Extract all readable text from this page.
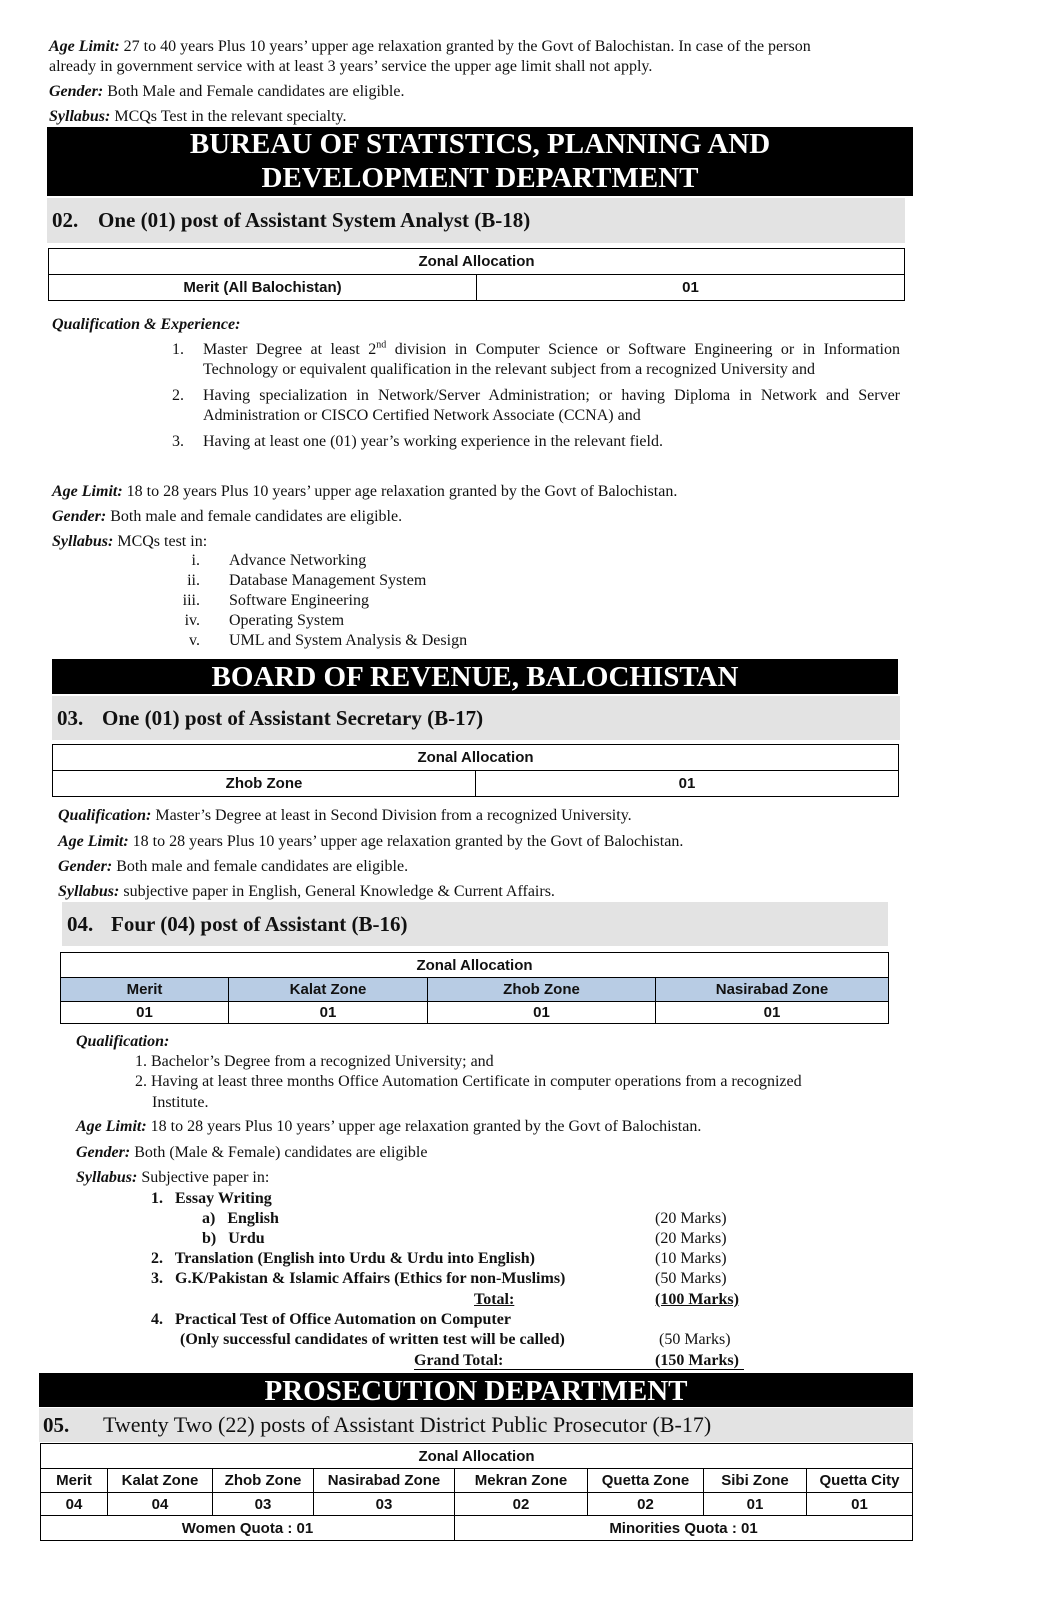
Age Limit: 27 to 40 years Plus 10 years’ upper age relaxation granted by the Govt of Balochistan. In case of the person
already in government service with at least 3 years’ service the upper age limit shall not apply.
Gender: Both Male and Female candidates are eligible.
Syllabus: MCQs Test in the relevant specialty.
BUREAU OF STATISTICS, PLANNING AND
DEVELOPMENT DEPARTMENT
02. One (01) post of Assistant System Analyst (B-18)
Zonal Allocation
Merit (All Balochistan)	01
Qualification & Experience:
1. Master Degree at least 2nd division in Computer Science or Software Engineering or in Information Technology or equivalent qualification in the relevant subject from a recognized University and
2. Having specialization in Network/Server Administration; or having Diploma in Network and Server Administration or CISCO Certified Network Associate (CCNA) and
3. Having at least one (01) year’s working experience in the relevant field.
Age Limit: 18 to 28 years Plus 10 years’ upper age relaxation granted by the Govt of Balochistan.
Gender: Both male and female candidates are eligible.
Syllabus: MCQs test in:
i. Advance Networking
ii. Database Management System
iii. Software Engineering
iv. Operating System
v. UML and System Analysis & Design
BOARD OF REVENUE, BALOCHISTAN
03. One (01) post of Assistant Secretary (B-17)
Zonal Allocation
Zhob Zone	01
Qualification: Master’s Degree at least in Second Division from a recognized University.
Age Limit: 18 to 28 years Plus 10 years’ upper age relaxation granted by the Govt of Balochistan.
Gender: Both male and female candidates are eligible.
Syllabus: subjective paper in English, General Knowledge & Current Affairs.
04. Four (04) post of Assistant (B-16)
Zonal Allocation			
Merit	Kalat Zone	Zhob Zone	Nasirabad Zone
01	01	01	01
Qualification:
1. Bachelor’s Degree from a recognized University; and
2. Having at least three months Office Automation Certificate in computer operations from a recognized
Institute.
Age Limit: 18 to 28 years Plus 10 years’ upper age relaxation granted by the Govt of Balochistan.
Gender: Both (Male & Female) candidates are eligible
Syllabus: Subjective paper in:
1.   Essay Writing
a)   English	(20 Marks)
b)   Urdu	(20 Marks)
2.   Translation (English into Urdu & Urdu into English)	(10 Marks)
3.   G.K/Pakistan & Islamic Affairs (Ethics for non-Muslims)	(50 Marks)
Total:	(100 Marks)
4.   Practical Test of Office Automation on Computer
(Only successful candidates of written test will be called)	(50 Marks)
Grand Total:	(150 Marks)
PROSECUTION DEPARTMENT
05. Twenty Two (22) posts of Assistant District Public Prosecutor (B-17)
Zonal Allocation							
Merit	Kalat Zone	Zhob Zone	Nasirabad Zone	Mekran Zone	Quetta Zone	Sibi Zone	Quetta City
04	04	03	03	02	02	01	01
Women Quota : 01				Minorities Quota : 01			
